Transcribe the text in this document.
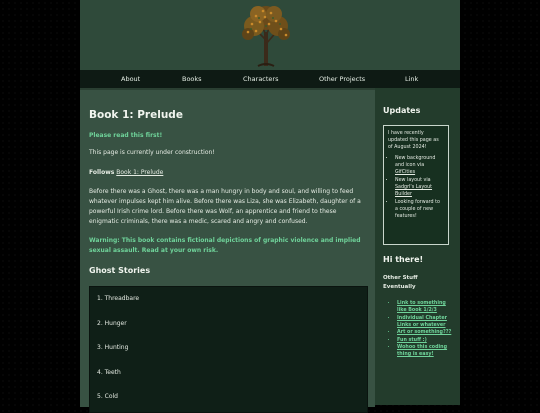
About	Books	Characters	Other Projects	Link
Book 1: Prelude

Please read this first!

This page is currently under construction!

Follows Book 1: Prelude

Before there was a Ghost, there was a man hungry in body and soul, and willing to feed whatever impulses kept him alive. Before there was Liza, she was Elizabeth, daughter of a powerful Irish crime lord. Before there was Wolf, an apprentice and friend to these enigmatic criminals, there was a medic, scared and angry and confused.

Warning: This book contains fictional depictions of graphic violence and implied sexual assault. Read at your own risk.

Ghost Stories
1. Threadbare
2. Hunger
3. Hunting
4. Teeth
5. Cold
Updates

I have recently updated this page as of August 2024!

• New background and icon via GifCities
• New layout via Sadgrl's Layout Builder
• Looking forward to a couple of new features!
Hi there!

Other Stuff Eventually

• Link to something like Book 1/2/3
• Individual Chapter Links or whatever
• Art or something???
• Fun stuff :)
• Wohoo this coding thing is easy!
